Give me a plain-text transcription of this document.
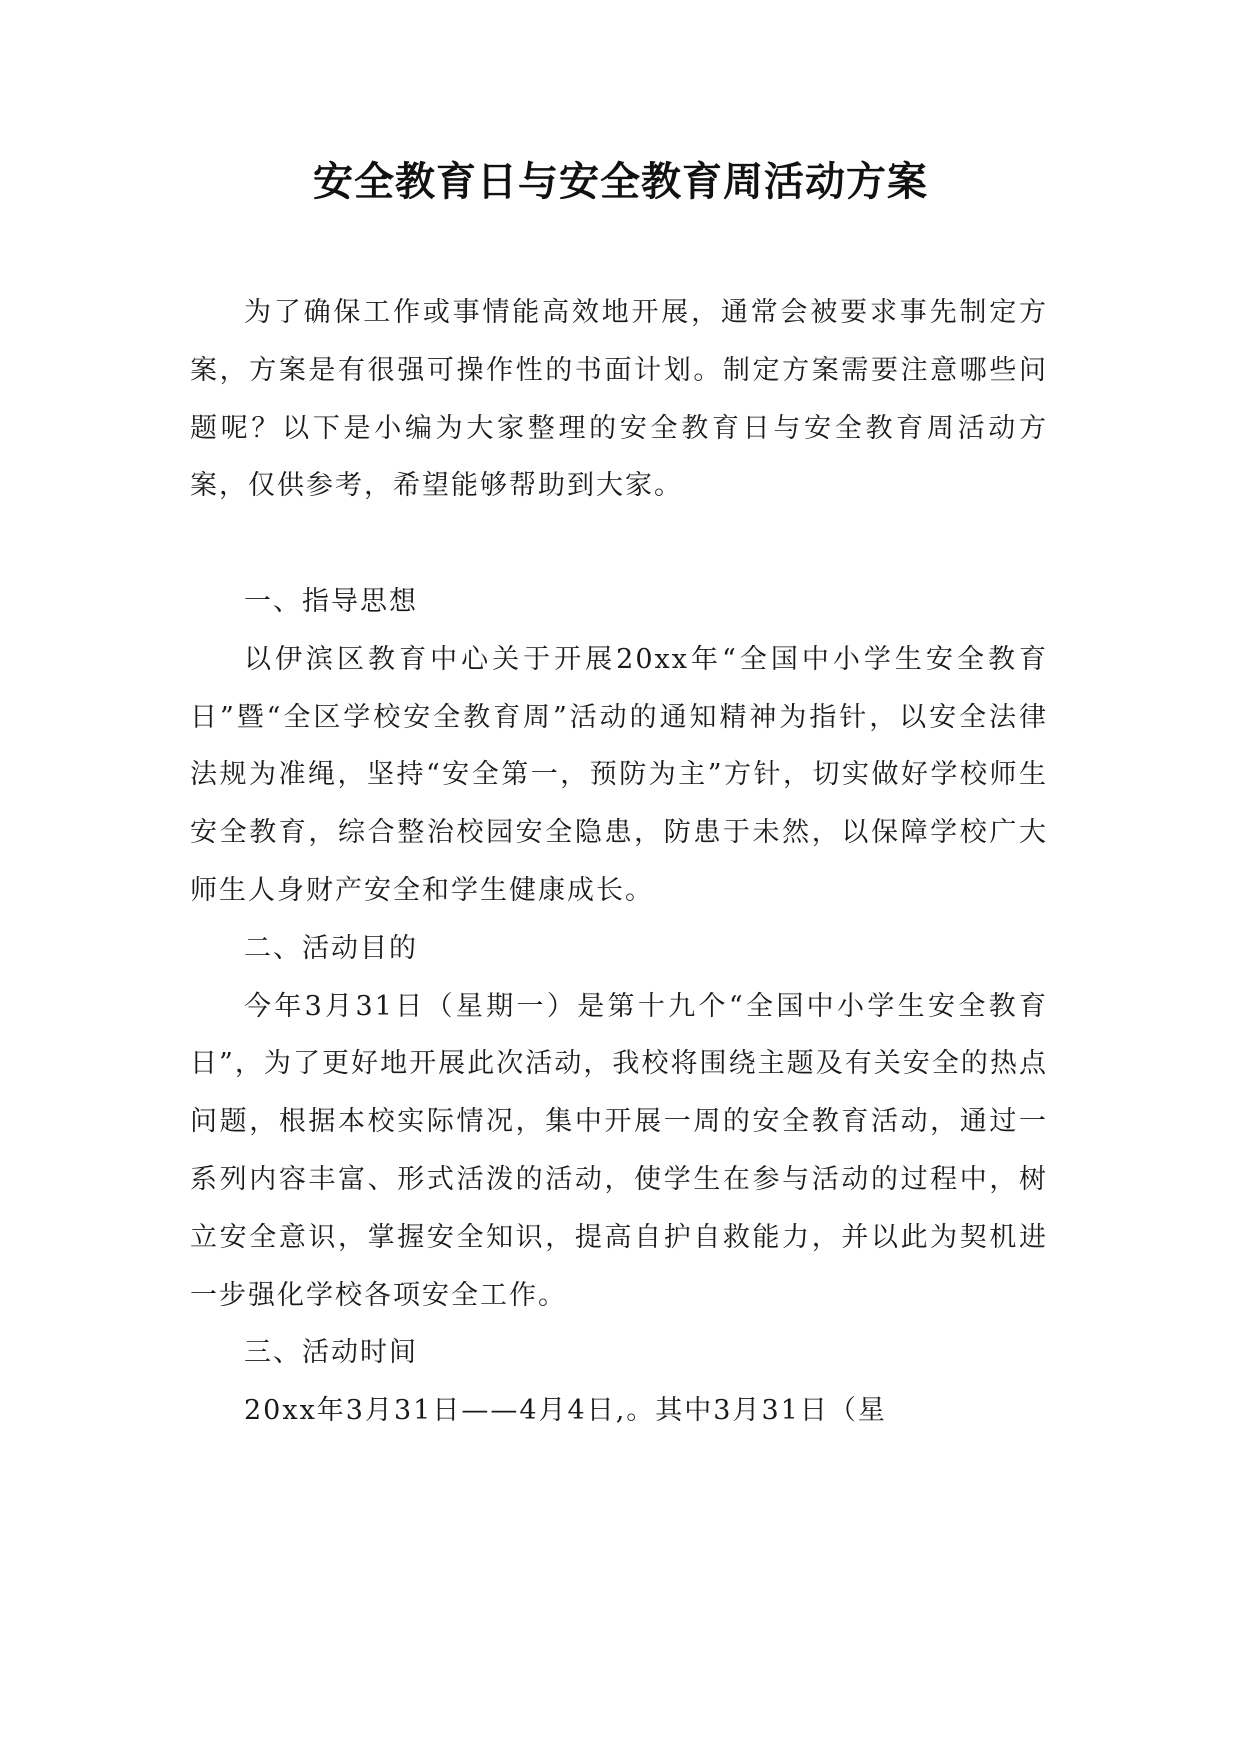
安全教育日与安全教育周活动方案

为了确保工作或事情能高效地开展，通常会被要求事先制定方案，方案是有很强可操作性的书面计划。制定方案需要注意哪些问题呢？以下是小编为大家整理的安全教育日与安全教育周活动方案，仅供参考，希望能够帮助到大家。

一、指导思想

以伊滨区教育中心关于开展20xx年“全国中小学生安全教育日”暨“全区学校安全教育周”活动的通知精神为指针，以安全法律法规为准绳，坚持“安全第一，预防为主”方针，切实做好学校师生安全教育，综合整治校园安全隐患，防患于未然，以保障学校广大师生人身财产安全和学生健康成长。

二、活动目的

今年3月31日（星期一）是第十九个“全国中小学生安全教育日”，为了更好地开展此次活动，我校将围绕主题及有关安全的热点问题，根据本校实际情况，集中开展一周的安全教育活动，通过一系列内容丰富、形式活泼的活动，使学生在参与活动的过程中，树立安全意识，掌握安全知识，提高自护自救能力，并以此为契机进一步强化学校各项安全工作。

三、活动时间

20xx年3月31日——4月4日,。其中3月31日（星
